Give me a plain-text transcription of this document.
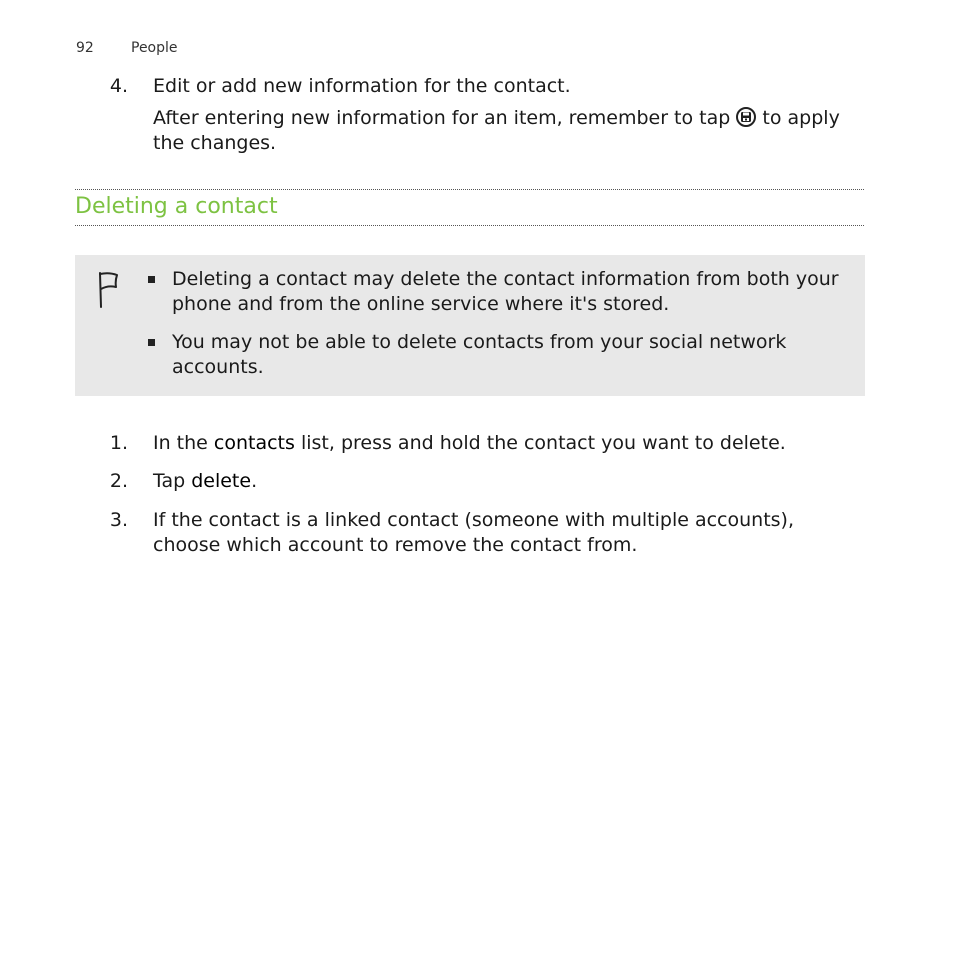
92	People
4. Edit or add new information for the contact.

After entering new information for an item, remember to tap
to apply the changes.

Deleting a contact
Deleting a contact may delete the contact information from both your phone and from the online service where it's stored.
You may not be able to delete contacts from your social network accounts.
1. In the contacts list, press and hold the contact you want to delete.

2. Tap delete.

3. If the contact is a linked contact (someone with multiple accounts), choose which account to remove the contact from.
